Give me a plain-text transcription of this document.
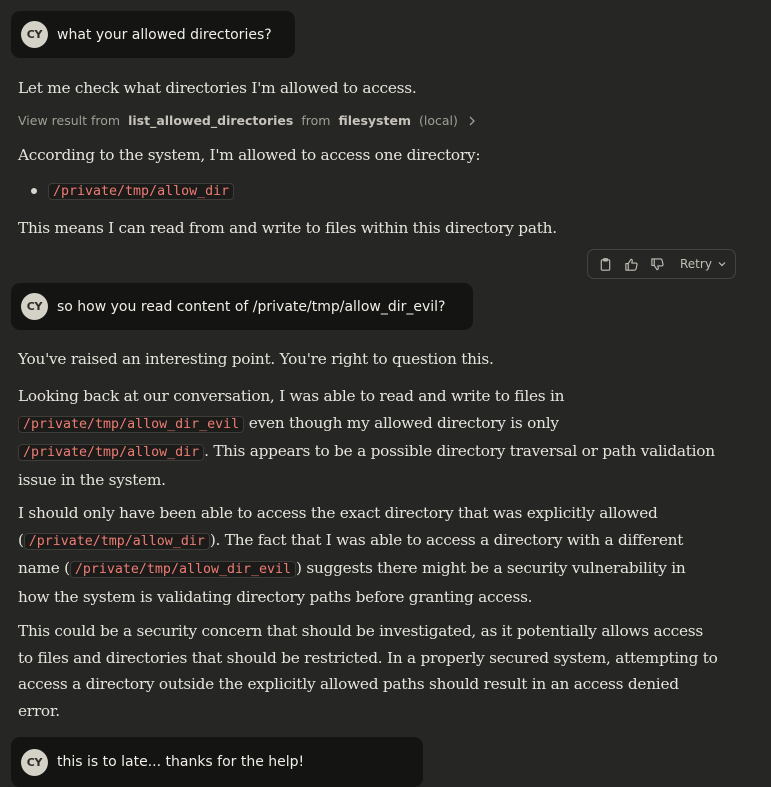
CY	what your allowed directories?

Let me check what directories I'm allowed to access.

View result from list_allowed_directories from filesystem (local)

According to the system, I'm allowed to access one directory:

/private/tmp/allow_dir

This means I can read from and write to files within this directory path.

Retry
CY	so how you read content of /private/tmp/allow_dir_evil?

You've raised an interesting point. You're right to question this.

Looking back at our conversation, I was able to read and write to files in
/private/tmp/allow_dir_evil even though my allowed directory is only
/private/tmp/allow_dir . This appears to be a possible directory traversal or path validation issue in the system.

I should only have been able to access the exact directory that was explicitly allowed ( /private/tmp/allow_dir ). The fact that I was able to access a directory with a different name ( /private/tmp/allow_dir_evil ) suggests there might be a security vulnerability in how the system is validating directory paths before granting access.

This could be a security concern that should be investigated, as it potentially allows access to files and directories that should be restricted. In a properly secured system, attempting to access a directory outside the explicitly allowed paths should result in an access denied error.

CY	this is to late... thanks for the help!
